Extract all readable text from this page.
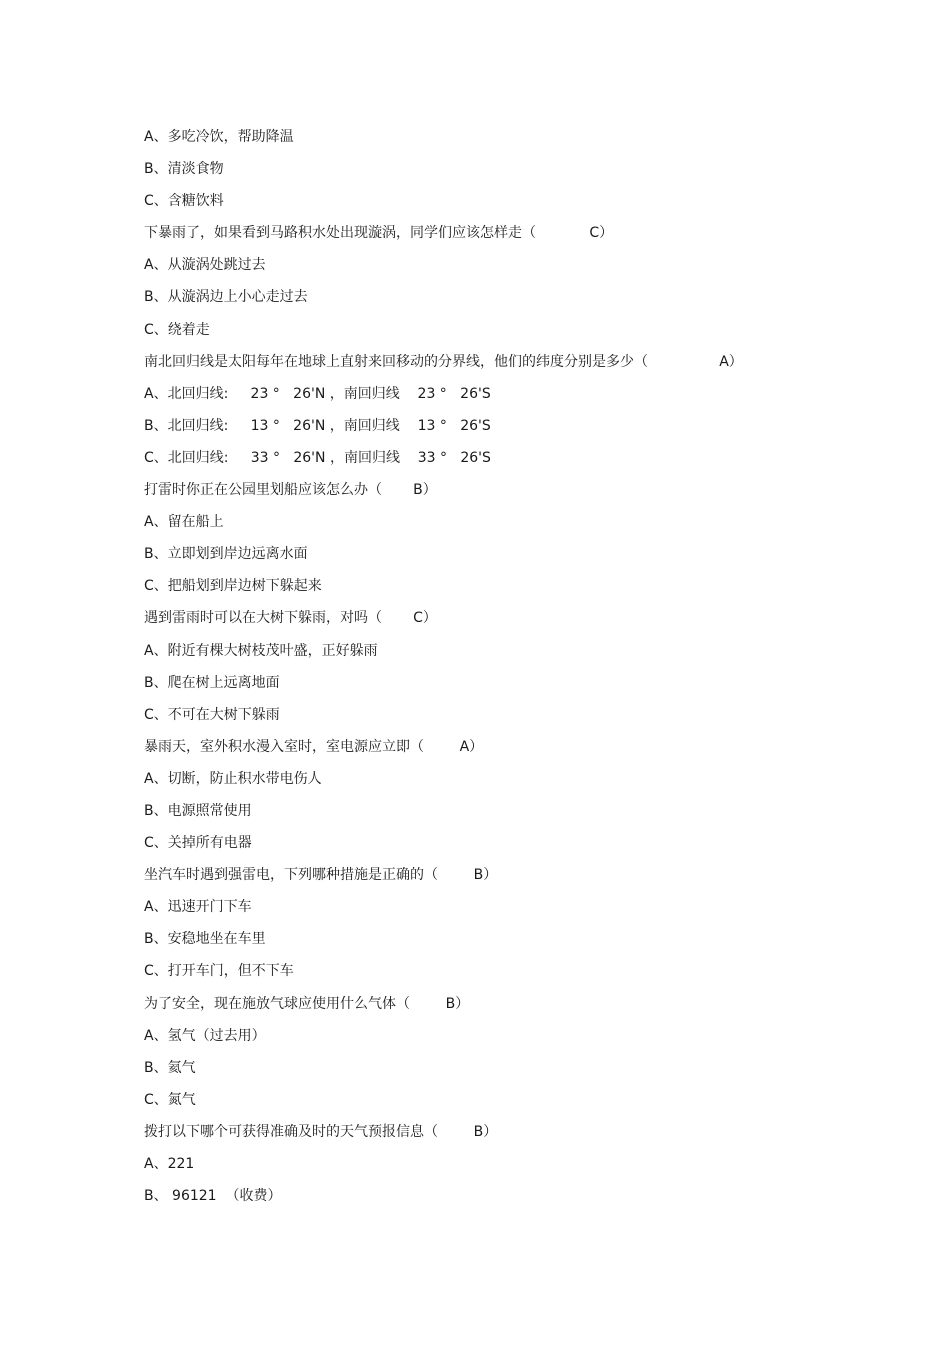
A、多吃冷饮，帮助降温
B、清淡食物
C、含糖饮料
下暴雨了，如果看到马路积水处出现漩涡，同学们应该怎样走（            C）
A、从漩涡处跳过去
B、从漩涡边上小心走过去
C、绕着走
南北回归线是太阳每年在地球上直射来回移动的分界线，他们的纬度分别是多少（                A）
A、北回归线:     23 °   26'N ，南回归线    23 °   26'S
B、北回归线:     13 °   26'N ，南回归线    13 °   26'S
C、北回归线:     33 °   26'N ，南回归线    33 °   26'S
打雷时你正在公园里划船应该怎么办（       B）
A、留在船上
B、立即划到岸边远离水面
C、把船划到岸边树下躲起来
遇到雷雨时可以在大树下躲雨，对吗（       C）
A、附近有棵大树枝茂叶盛，正好躲雨
B、爬在树上远离地面
C、不可在大树下躲雨
暴雨天，室外积水漫入室时，室电源应立即（        A）
A、切断，防止积水带电伤人
B、电源照常使用
C、关掉所有电器
坐汽车时遇到强雷电，下列哪种措施是正确的（        B）
A、迅速开门下车
B、安稳地坐在车里
C、打开车门，但不下车
为了安全，现在施放气球应使用什么气体（        B）
A、氢气（过去用）
B、氦气
C、氮气
拨打以下哪个可获得准确及时的天气预报信息（        B）
A、221
B、 96121  （收费）
